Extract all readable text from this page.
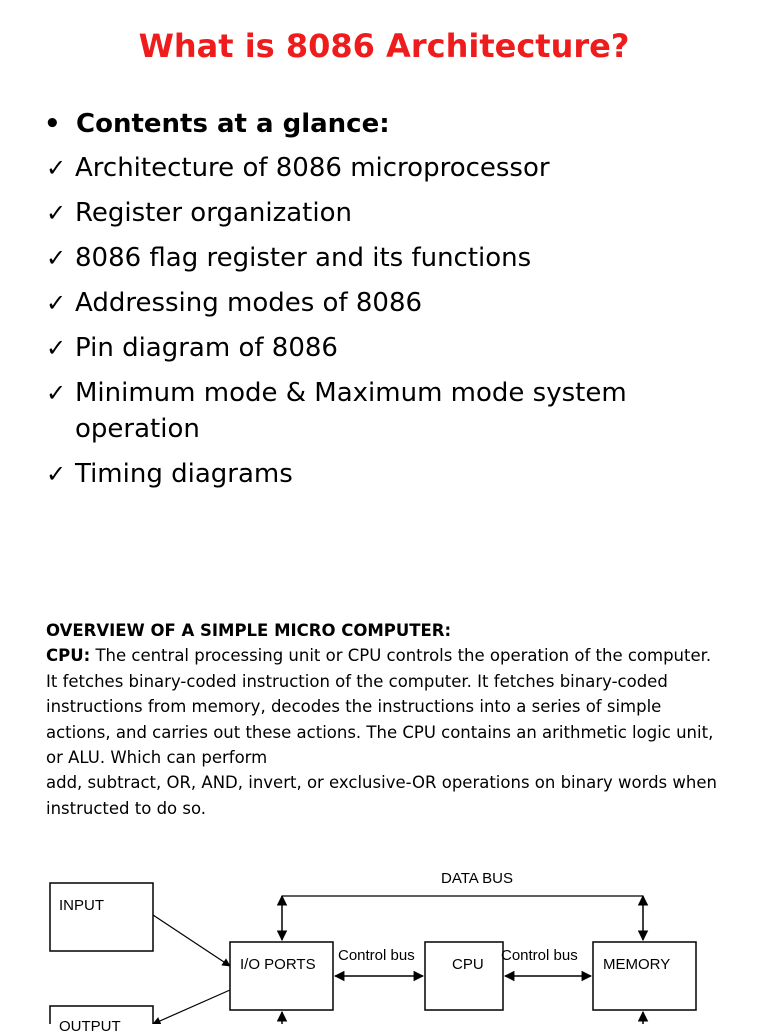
What is 8086 Architecture?
• Contents at a glance:
✓ Architecture of 8086 microprocessor
✓ Register organization
✓ 8086 flag register and its functions
✓ Addressing modes of 8086
✓ Pin diagram of 8086
✓ Minimum mode & Maximum mode system operation
✓ Timing diagrams
OVERVIEW OF A SIMPLE MICRO COMPUTER:
CPU: The central processing unit or CPU controls the operation of the computer. It fetches binary-coded instruction of the computer. It fetches binary-coded instructions from memory, decodes the instructions into a series of simple actions, and carries out these actions. The CPU contains an arithmetic logic unit, or ALU. Which can perform
add, subtract, OR, AND, invert, or exclusive-OR operations on binary words when instructed to do so.
DATA BUS
INPUT
OUTPUT
I/O PORTS
Control bus
CPU
Control bus
MEMORY
